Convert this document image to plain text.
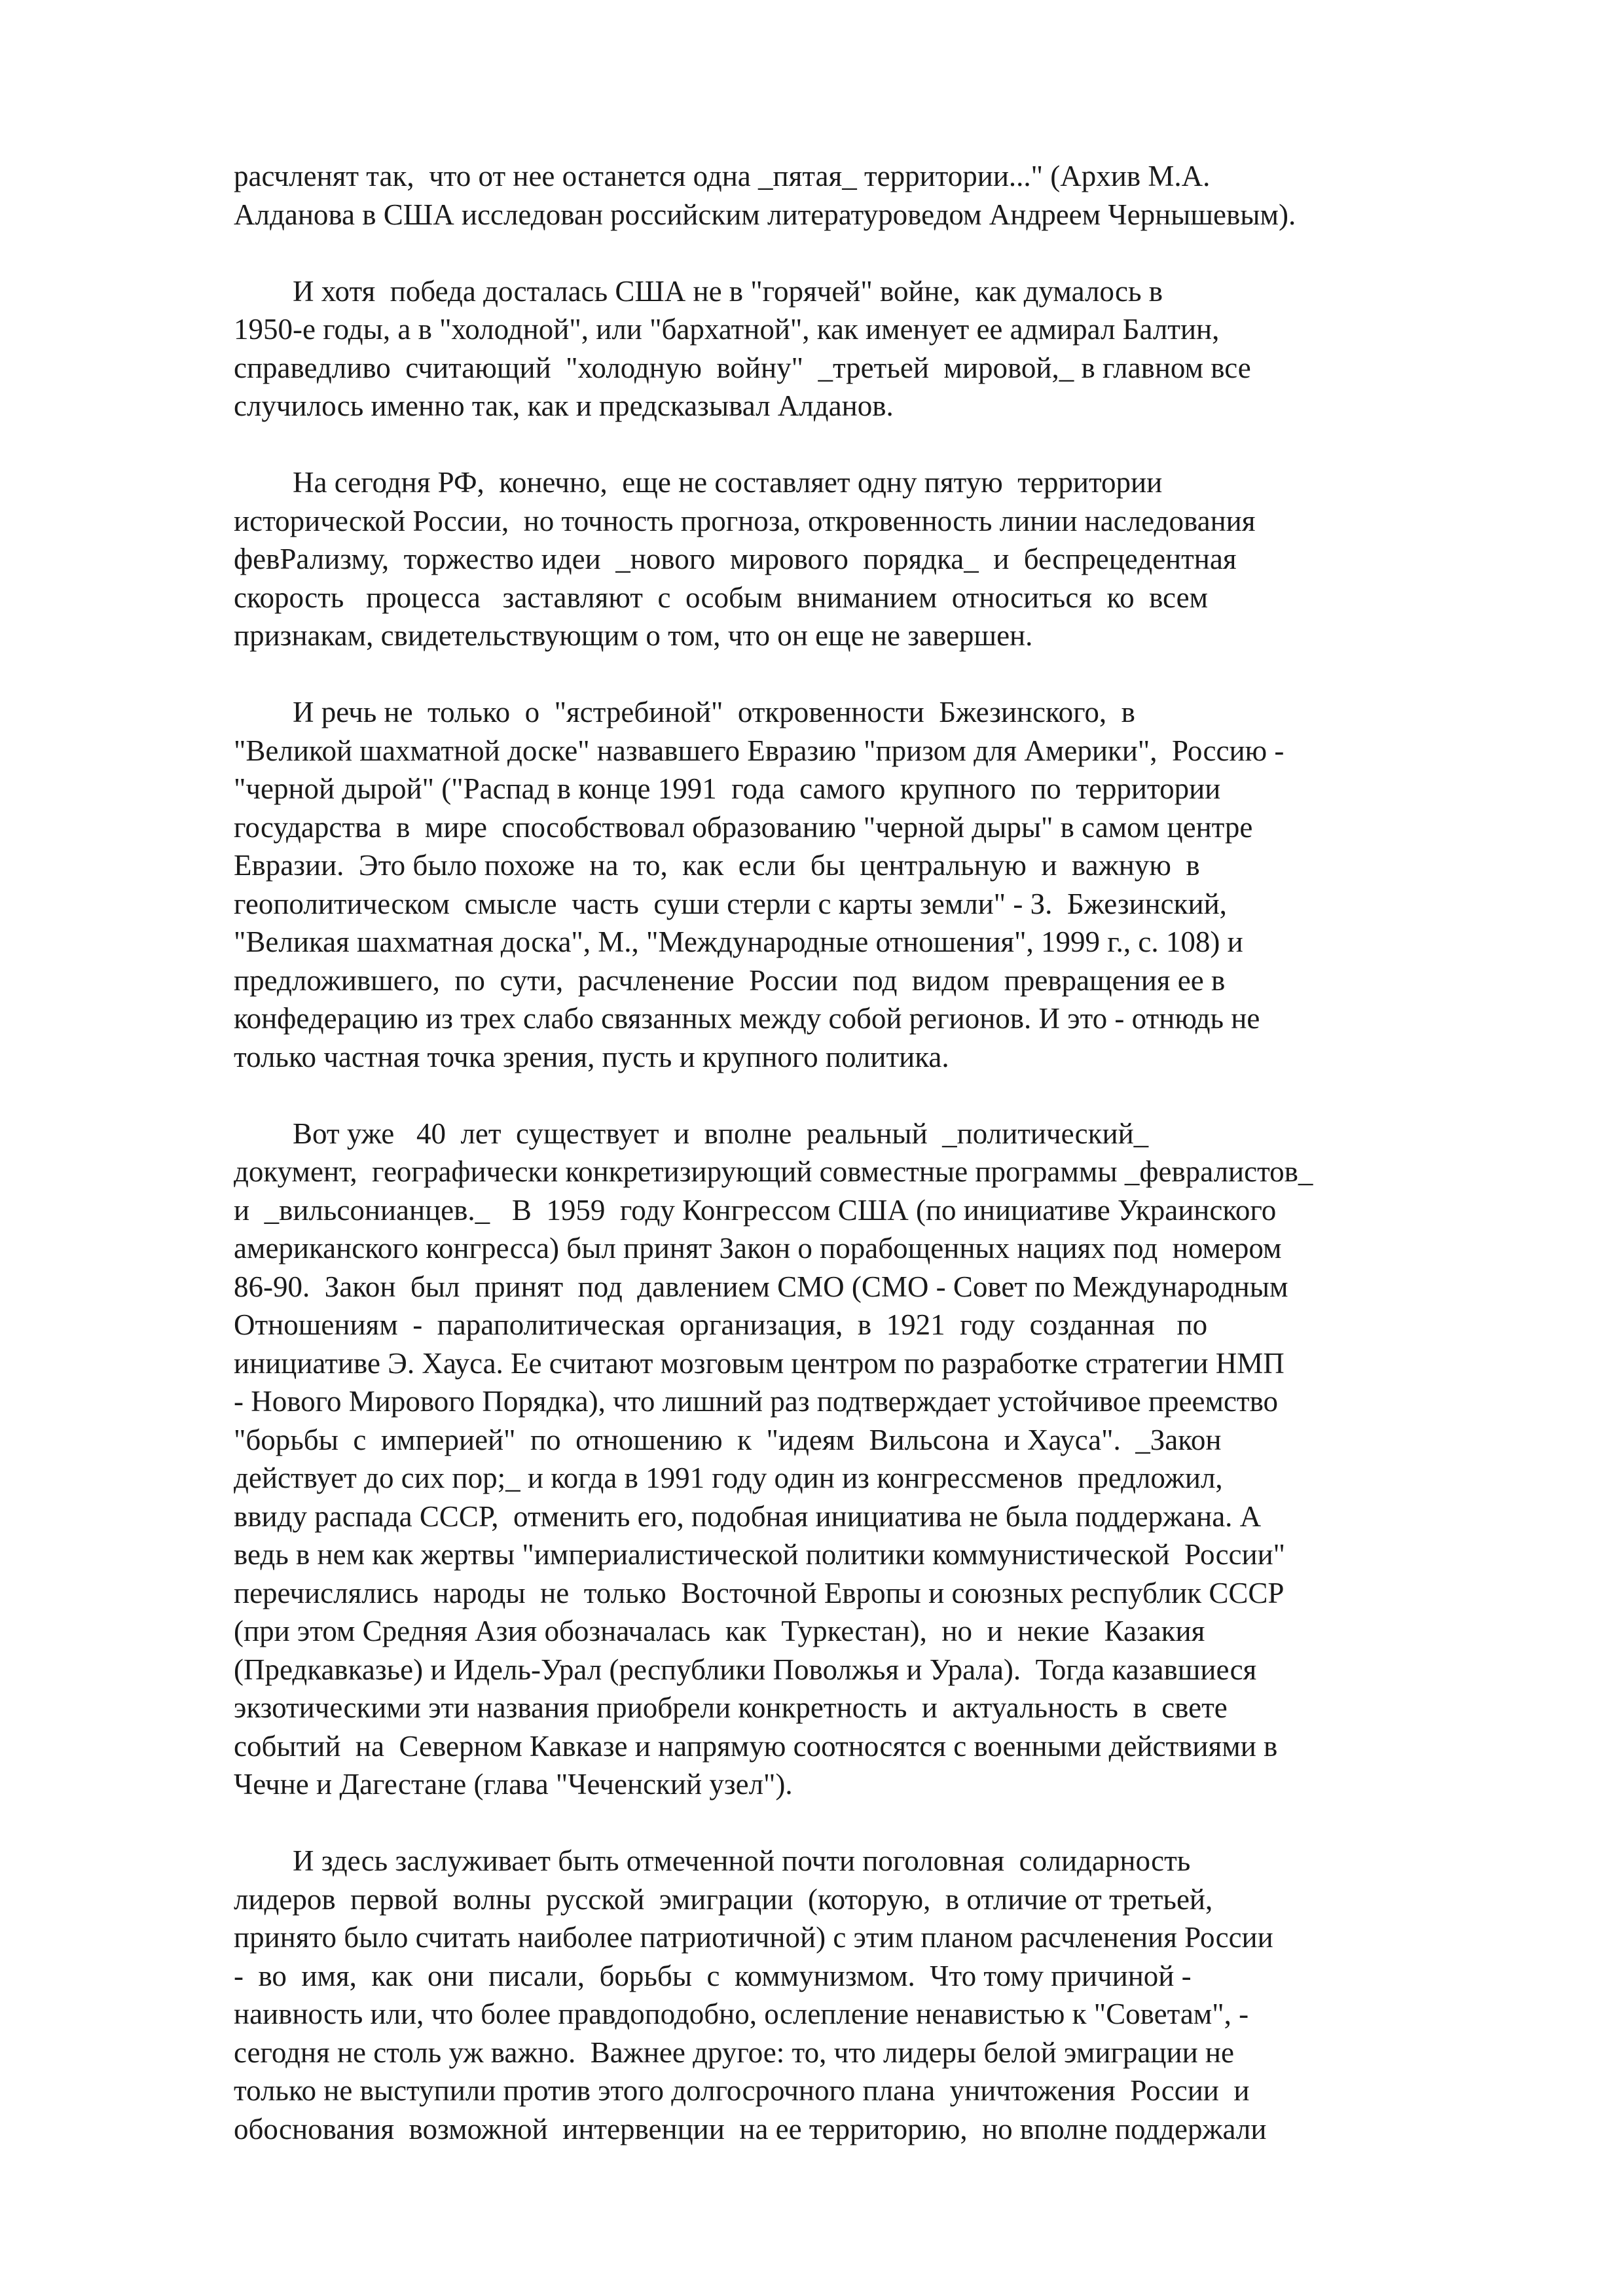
расчленят так,  что от нее останется одна _пятая_ территории..." (Архив М.А.
Алданова в США исследован российским литературоведом Андреем Чернышевым).
И хотя  победа досталась США не в "горячей" войне,  как думалось в
1950-е годы, а в "холодной", или "бархатной", как именует ее адмирал Балтин,
справедливо  считающий  "холодную  войну"  _третьей  мировой,_ в главном все
случилось именно так, как и предсказывал Алданов.
На сегодня РФ,  конечно,  еще не составляет одну пятую  территории
исторической России,  но точность прогноза, откровенность линии наследования
февРализму,  торжество идеи  _нового  мирового  порядка_  и  беспрецедентная
скорость   процесса   заставляют  с  особым  вниманием  относиться  ко  всем
признакам, свидетельствующим о том, что он еще не завершен.
И речь не  только  о  "ястребиной"  откровенности  Бжезинского,  в
"Великой шахматной доске" назвавшего Евразию "призом для Америки",  Россию -
"черной дырой" ("Распад в конце 1991  года  самого  крупного  по  территории
государства  в  мире  способствовал образованию "черной дыры" в самом центре
Евразии.  Это было похоже  на  то,  как  если  бы  центральную  и  важную  в
геополитическом  смысле  часть  суши стерли с карты земли" - З.  Бжезинский,
"Великая шахматная доска", М., "Международные отношения", 1999 г., с. 108) и
предложившего,  по  сути,  расчленение  России  под  видом  превращения ее в
конфедерацию из трех слабо связанных между собой регионов. И это - отнюдь не
только частная точка зрения, пусть и крупного политика.
Вот уже   40  лет  существует  и  вполне  реальный  _политический_
документ,  географически конкретизирующий совместные программы _февралистов_
и  _вильсонианцев._   В  1959  году Конгрессом США (по инициативе Украинского
американского конгресса) был принят Закон о порабощенных нациях под  номером
86-90.  Закон  был  принят  под  давлением СМО (СМО - Совет по Международным
Отношениям  -  параполитическая  организация,  в  1921  году  созданная   по
инициативе Э. Хауса. Ее считают мозговым центром по разработке стратегии НМП
- Нового Мирового Порядка), что лишний раз подтверждает устойчивое преемство
"борьбы  с  империей"  по  отношению  к  "идеям  Вильсона  и Хауса".  _Закон
действует до сих пор;_ и когда в 1991 году один из конгрессменов  предложил,
ввиду распада СССР,  отменить его, подобная инициатива не была поддержана. А
ведь в нем как жертвы "империалистической политики коммунистической  России"
перечислялись  народы  не  только  Восточной Европы и союзных республик СССР
(при этом Средняя Азия обозначалась  как  Туркестан),  но  и  некие  Казакия
(Предкавказье) и Идель-Урал (республики Поволжья и Урала).  Тогда казавшиеся
экзотическими эти названия приобрели конкретность  и  актуальность  в  свете
событий  на  Северном Кавказе и напрямую соотносятся с военными действиями в
Чечне и Дагестане (глава "Чеченский узел").
И здесь заслуживает быть отмеченной почти поголовная  солидарность
лидеров  первой  волны  русской  эмиграции  (которую,  в отличие от третьей,
принято было считать наиболее патриотичной) с этим планом расчленения России
-  во  имя,  как  они  писали,  борьбы  с  коммунизмом.  Что тому причиной -
наивность или, что более правдоподобно, ослепление ненавистью к "Советам", -
сегодня не столь уж важно.  Важнее другое: то, что лидеры белой эмиграции не
только не выступили против этого долгосрочного плана  уничтожения  России  и
обоснования  возможной  интервенции  на ее территорию,  но вполне поддержали
